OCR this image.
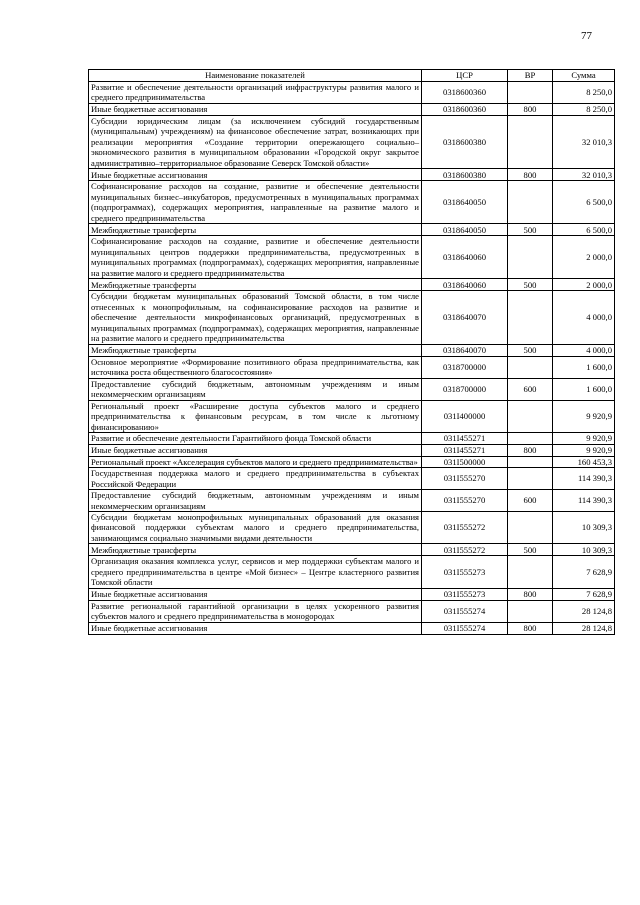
77
Наименование показателей	ЦСР	ВР	Сумма
Развитие и обеспечение деятельности организаций инфраструктуры развития малого и среднего предпринимательства	0318600360		8 250,0
Иные бюджетные ассигнования	0318600360	800	8 250,0
Субсидии юридическим лицам (за исключением субсидий государственным (муниципальным) учреждениям) на финансовое обеспечение затрат, возникающих при реализации мероприятия «Создание территории опережающего социально–экономического развития в муниципальном образовании «Городской округ закрытое административно–территориальное образование Северск Томской области»	0318600380		32 010,3
Иные бюджетные ассигнования	0318600380	800	32 010,3
Софинансирование расходов на создание, развитие и обеспечение деятельности муниципальных бизнес–инкубаторов, предусмотренных в муниципальных программах (подпрограммах), содержащих мероприятия, направленные на развитие малого и среднего предпринимательства	0318640050		6 500,0
Межбюджетные трансферты	0318640050	500	6 500,0
Софинансирование расходов на создание, развитие и обеспечение деятельности муниципальных центров поддержки предпринимательства, предусмотренных в муниципальных программах (подпрограммах), содержащих мероприятия, направленные на развитие малого и среднего предпринимательства	0318640060		2 000,0
Межбюджетные трансферты	0318640060	500	2 000,0
Субсидии бюджетам муниципальных образований Томской области, в том числе отнесенных к монопрофильным, на софинансирование расходов на развитие и обеспечение деятельности микрофинансовых организаций, предусмотренных в муниципальных программах (подпрограммах), содержащих мероприятия, направленные на развитие малого и среднего предпринимательства	0318640070		4 000,0
Межбюджетные трансферты	0318640070	500	4 000,0
Основное мероприятие «Формирование позитивного образа предпринимательства, как источника роста общественного благосостояния»	0318700000		1 600,0
Предоставление субсидий бюджетным, автономным учреждениям и иным некоммерческим организациям	0318700000	600	1 600,0
Региональный проект «Расширение доступа субъектов малого и среднего предпринимательства к финансовым ресурсам, в том числе к льготному финансированию»	031I400000		9 920,9
Развитие и обеспечение деятельности Гарантийного фонда Томской области	031I455271		9 920,9
Иные бюджетные ассигнования	031I455271	800	9 920,9
Региональный проект «Акселерация субъектов малого и среднего предпринимательства»	031I500000		160 453,3
Государственная поддержка малого и среднего предпринимательства в субъектах Российской Федерации	031I555270		114 390,3
Предоставление субсидий бюджетным, автономным учреждениям и иным некоммерческим организациям	031I555270	600	114 390,3
Субсидии бюджетам монопрофильных муниципальных образований для оказания финансовой поддержки субъектам малого и среднего предпринимательства, занимающимся социально значимыми видами деятельности	031I555272		10 309,3
Межбюджетные трансферты	031I555272	500	10 309,3
Организация оказания комплекса услуг, сервисов и мер поддержки субъектам малого и среднего предпринимательства в центре «Мой бизнес» – Центре кластерного развития Томской области	031I555273		7 628,9
Иные бюджетные ассигнования	031I555273	800	7 628,9
Развитие региональной гарантийной организации в целях ускоренного развития субъектов малого и среднего предпринимательства в монogородах	031I555274		28 124,8
Иные бюджетные ассигнования	031I555274	800	28 124,8
